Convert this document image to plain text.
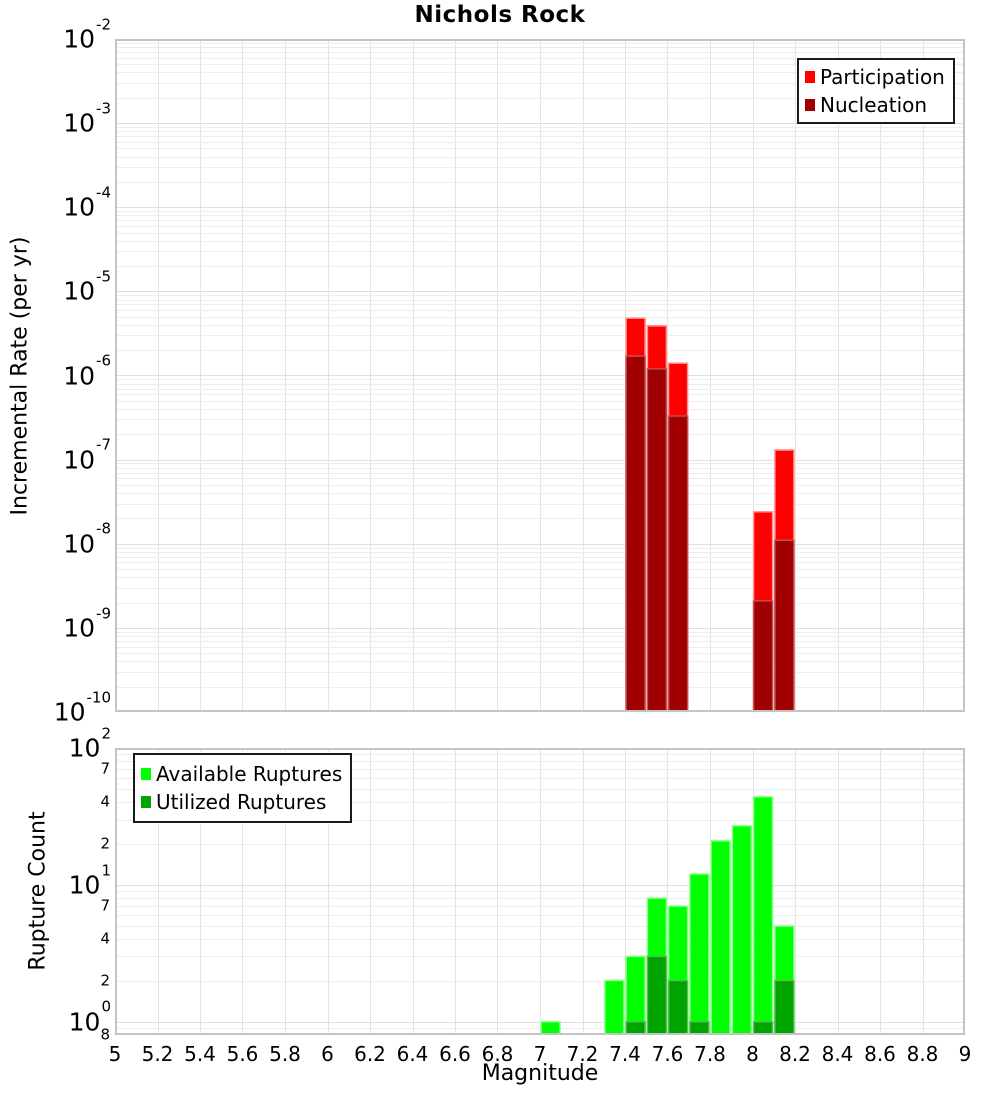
Nichols Rock
Incremental Rate (per yr)
Rupture Count
Magnitude
$10^{-2}$
$10^{-3}$
$10^{-4}$
$10^{-5}$
$10^{-6}$
$10^{-7}$
$10^{-8}$
$10^{-9}$
$10^{-10}$
Participation
Nucleation
$10^2$
$10^1$
$10^0$
7
4
2
7
4
2
8
5 5.2 5.4 5.6 5.8 6 6.2 6.4 6.6 6.8 7 7.2 7.4 7.6 7.8 8 8.2 8.4 8.6 8.8 9
Available Ruptures
Utilized Ruptures
